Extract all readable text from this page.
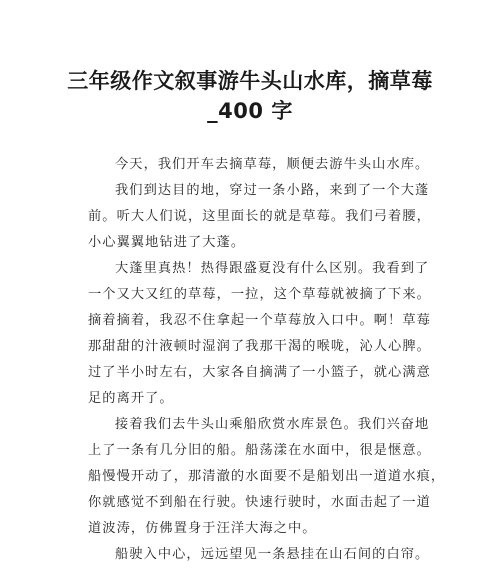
三年级作文叙事游牛头山水库，摘草莓
_400 字
今天，我们开车去摘草莓，顺便去游牛头山水库。
我们到达目的地，穿过一条小路，来到了一个大蓬
前。听大人们说，这里面长的就是草莓。我们弓着腰，
小心翼翼地钻进了大蓬。
大蓬里真热！热得跟盛夏没有什么区别。我看到了
一个又大又红的草莓，一拉，这个草莓就被摘了下来。
摘着摘着，我忍不住拿起一个草莓放入口中。啊！草莓
那甜甜的汁液顿时湿润了我那干渴的喉咙，沁人心脾。
过了半小时左右，大家各自摘满了一小篮子，就心满意
足的离开了。
接着我们去牛头山乘船欣赏水库景色。我们兴奋地
上了一条有几分旧的船。船荡漾在水面中，很是惬意。
船慢慢开动了，那清澈的水面要不是船划出一道道水痕，
你就感觉不到船在行驶。快速行驶时，水面击起了一道
道波涛，仿佛置身于汪洋大海之中。
船驶入中心，远远望见一条悬挂在山石间的白帘。
